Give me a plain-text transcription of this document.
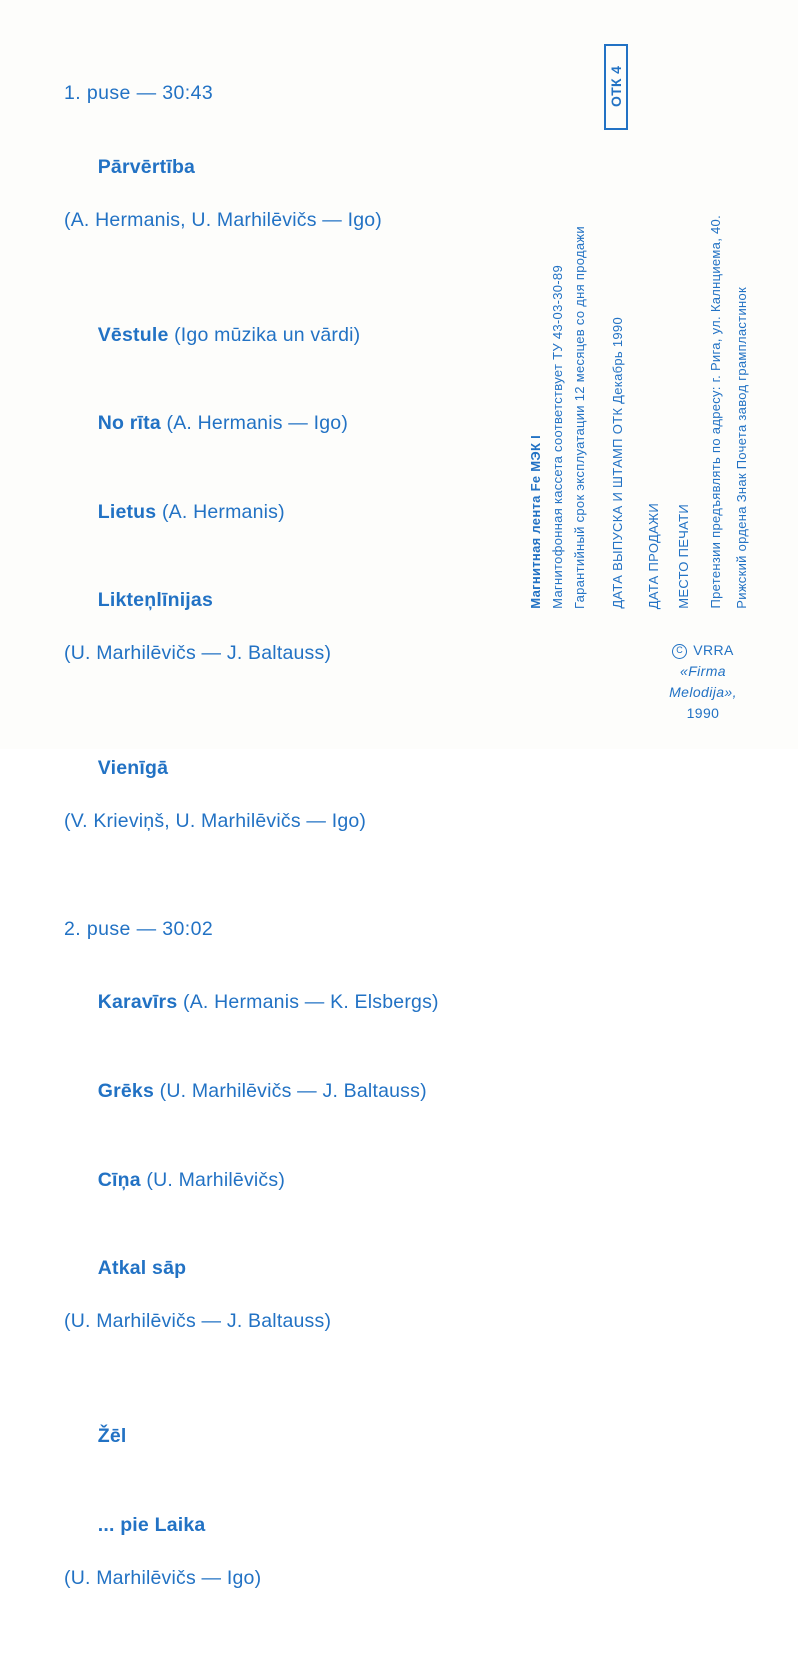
1. puse — 30:43

Pārvērtība

(A. Hermanis, U. Marhilēvičs — Igo)

Vēstule (Igo mūzika un vārdi)

No rīta (A. Hermanis — Igo)

Lietus (A. Hermanis)

Likteņlīnijas

(U. Marhilēvičs — J. Baltauss)

Vienīgā

(V. Krieviņš, U. Marhilēvičs — Igo)

2. puse — 30:02

Karavīrs (A. Hermanis — K. Elsbergs)

Grēks (U. Marhilēvičs — J. Baltauss)

Cīņa (U. Marhilēvičs)

Atkal sāp

(U. Marhilēvičs — J. Baltauss)

Žēl

... pie Laika

(U. Marhilēvičs — Igo)

Магнитная лента Fe МЭК I Магнитофонная кассета соответствует ТУ 43-03-30-89 Гарантийный срок эксплуатации 12 месяцев со дня продажи ДАТА ВЫПУСКА И ШТАМП ОТК Декабрь 1990 ДАТА ПРОДАЖИ МЕСТО ПЕЧАТИ Претензии предъявлять по адресу: г. Рига, ул. Калнциема, 40. Рижский ордена Знак Почета завод грампластинок
ОТК 4
C VRRA
«Firma
Melodija»,
1990
